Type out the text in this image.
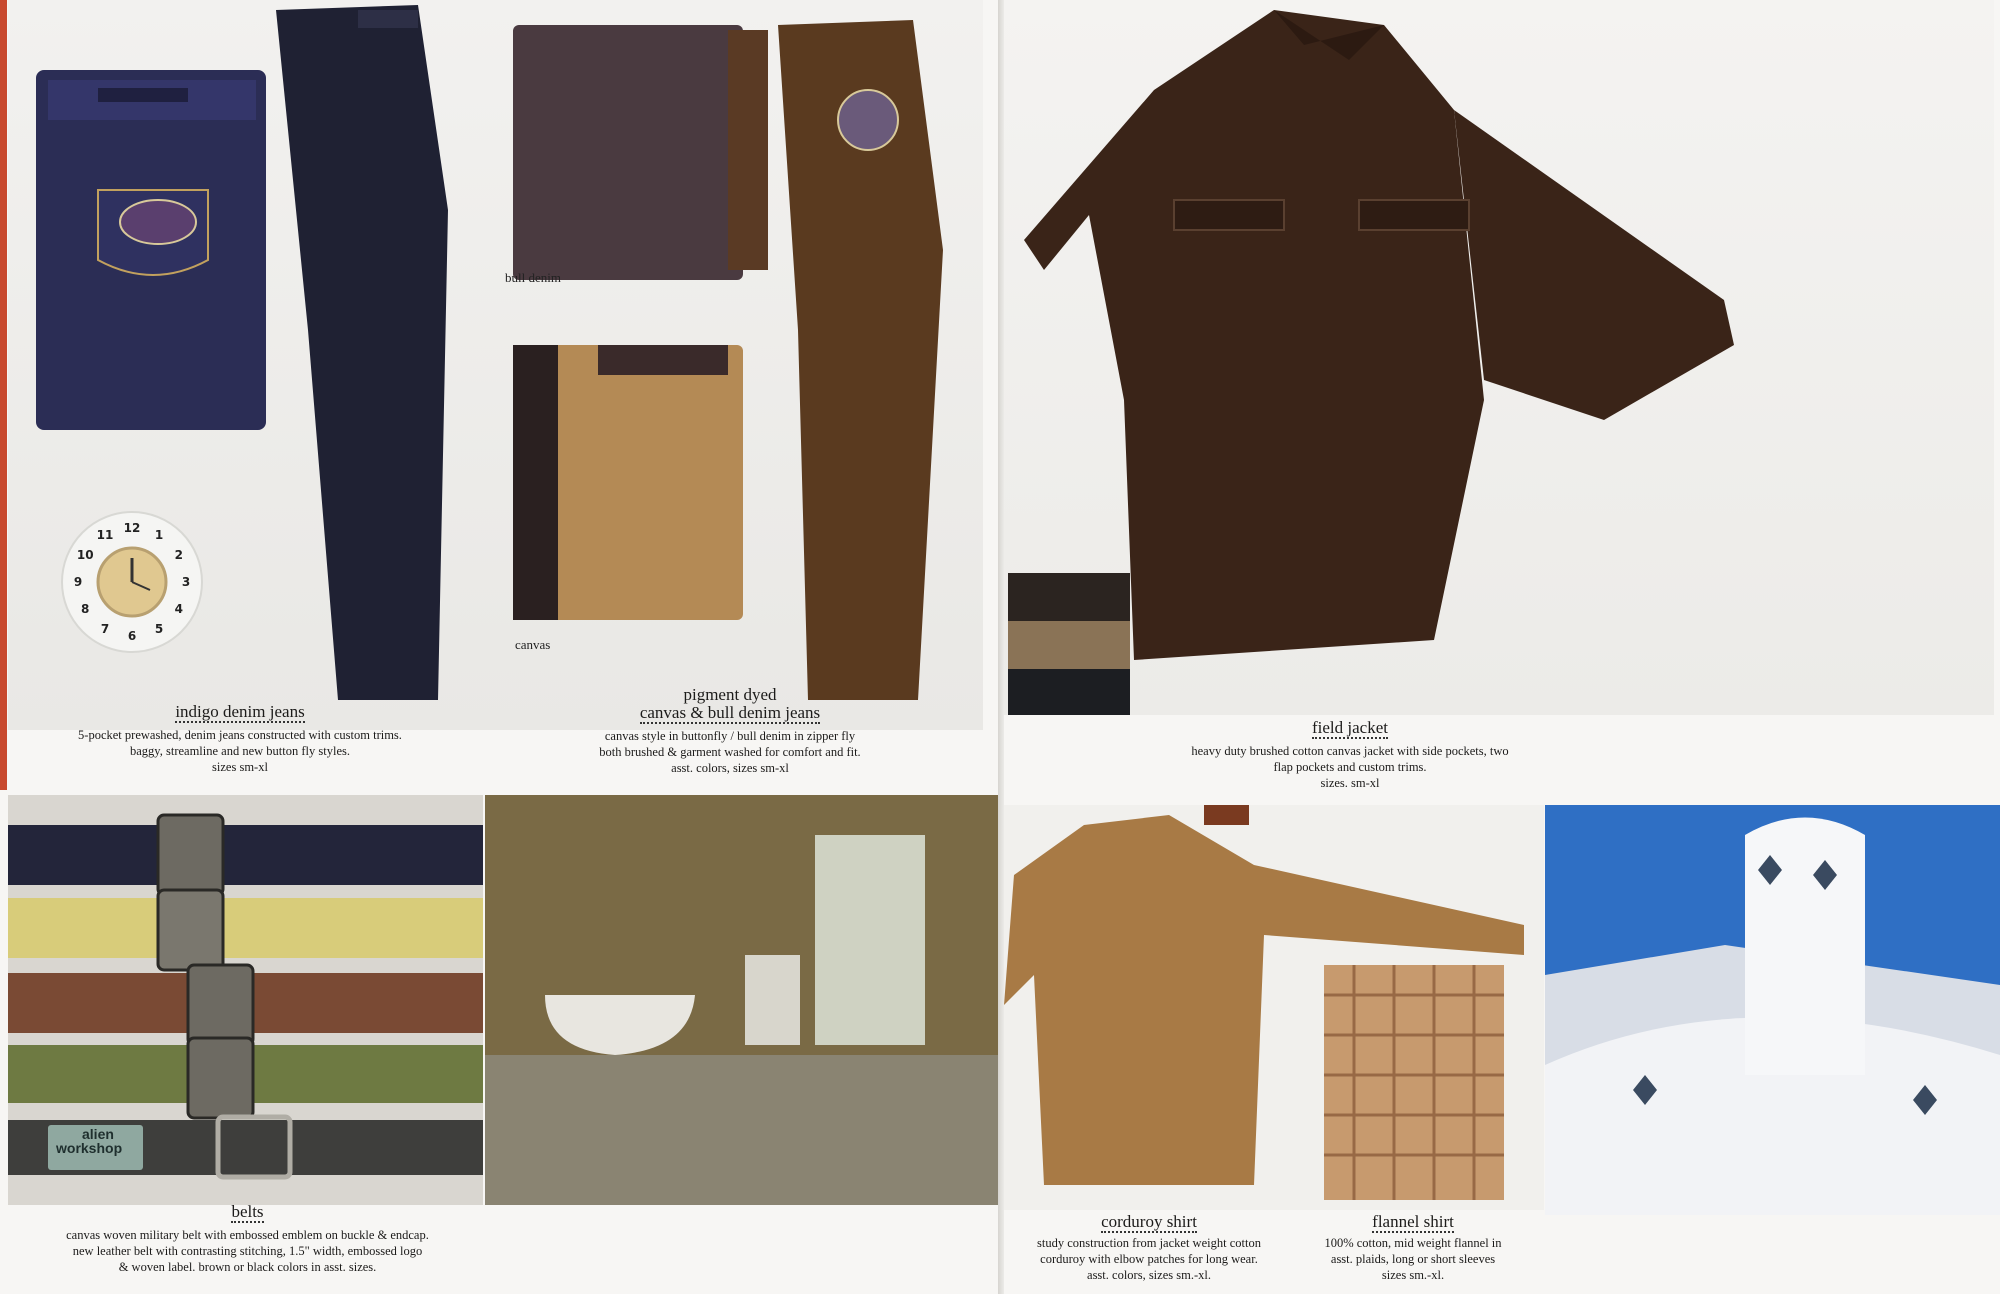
12
1
2
3
4
5
6
7
8
9
10
11
bull denim
canvas
indigo denim jeans
5-pocket prewashed, denim jeans constructed with custom trims.
baggy, streamline and new button fly styles.
sizes sm-xl
pigment dyed
canvas & bull denim jeans
canvas style in buttonfly / bull denim in zipper fly
both brushed & garment washed for comfort and fit.
asst. colors, sizes sm-xl
alien
workshop
belts
canvas woven military belt with embossed emblem on buckle & endcap.
new leather belt with contrasting stitching, 1.5" width, embossed logo
& woven label. brown or black colors in asst. sizes.
field jacket
heavy duty brushed cotton canvas jacket with side pockets, two
flap pockets and custom trims.
sizes. sm-xl
corduroy shirt
study construction from jacket weight cotton
corduroy with elbow patches for long wear.
asst. colors, sizes sm.-xl.
flannel shirt
100% cotton, mid weight flannel in
asst. plaids, long or short sleeves
sizes sm.-xl.
